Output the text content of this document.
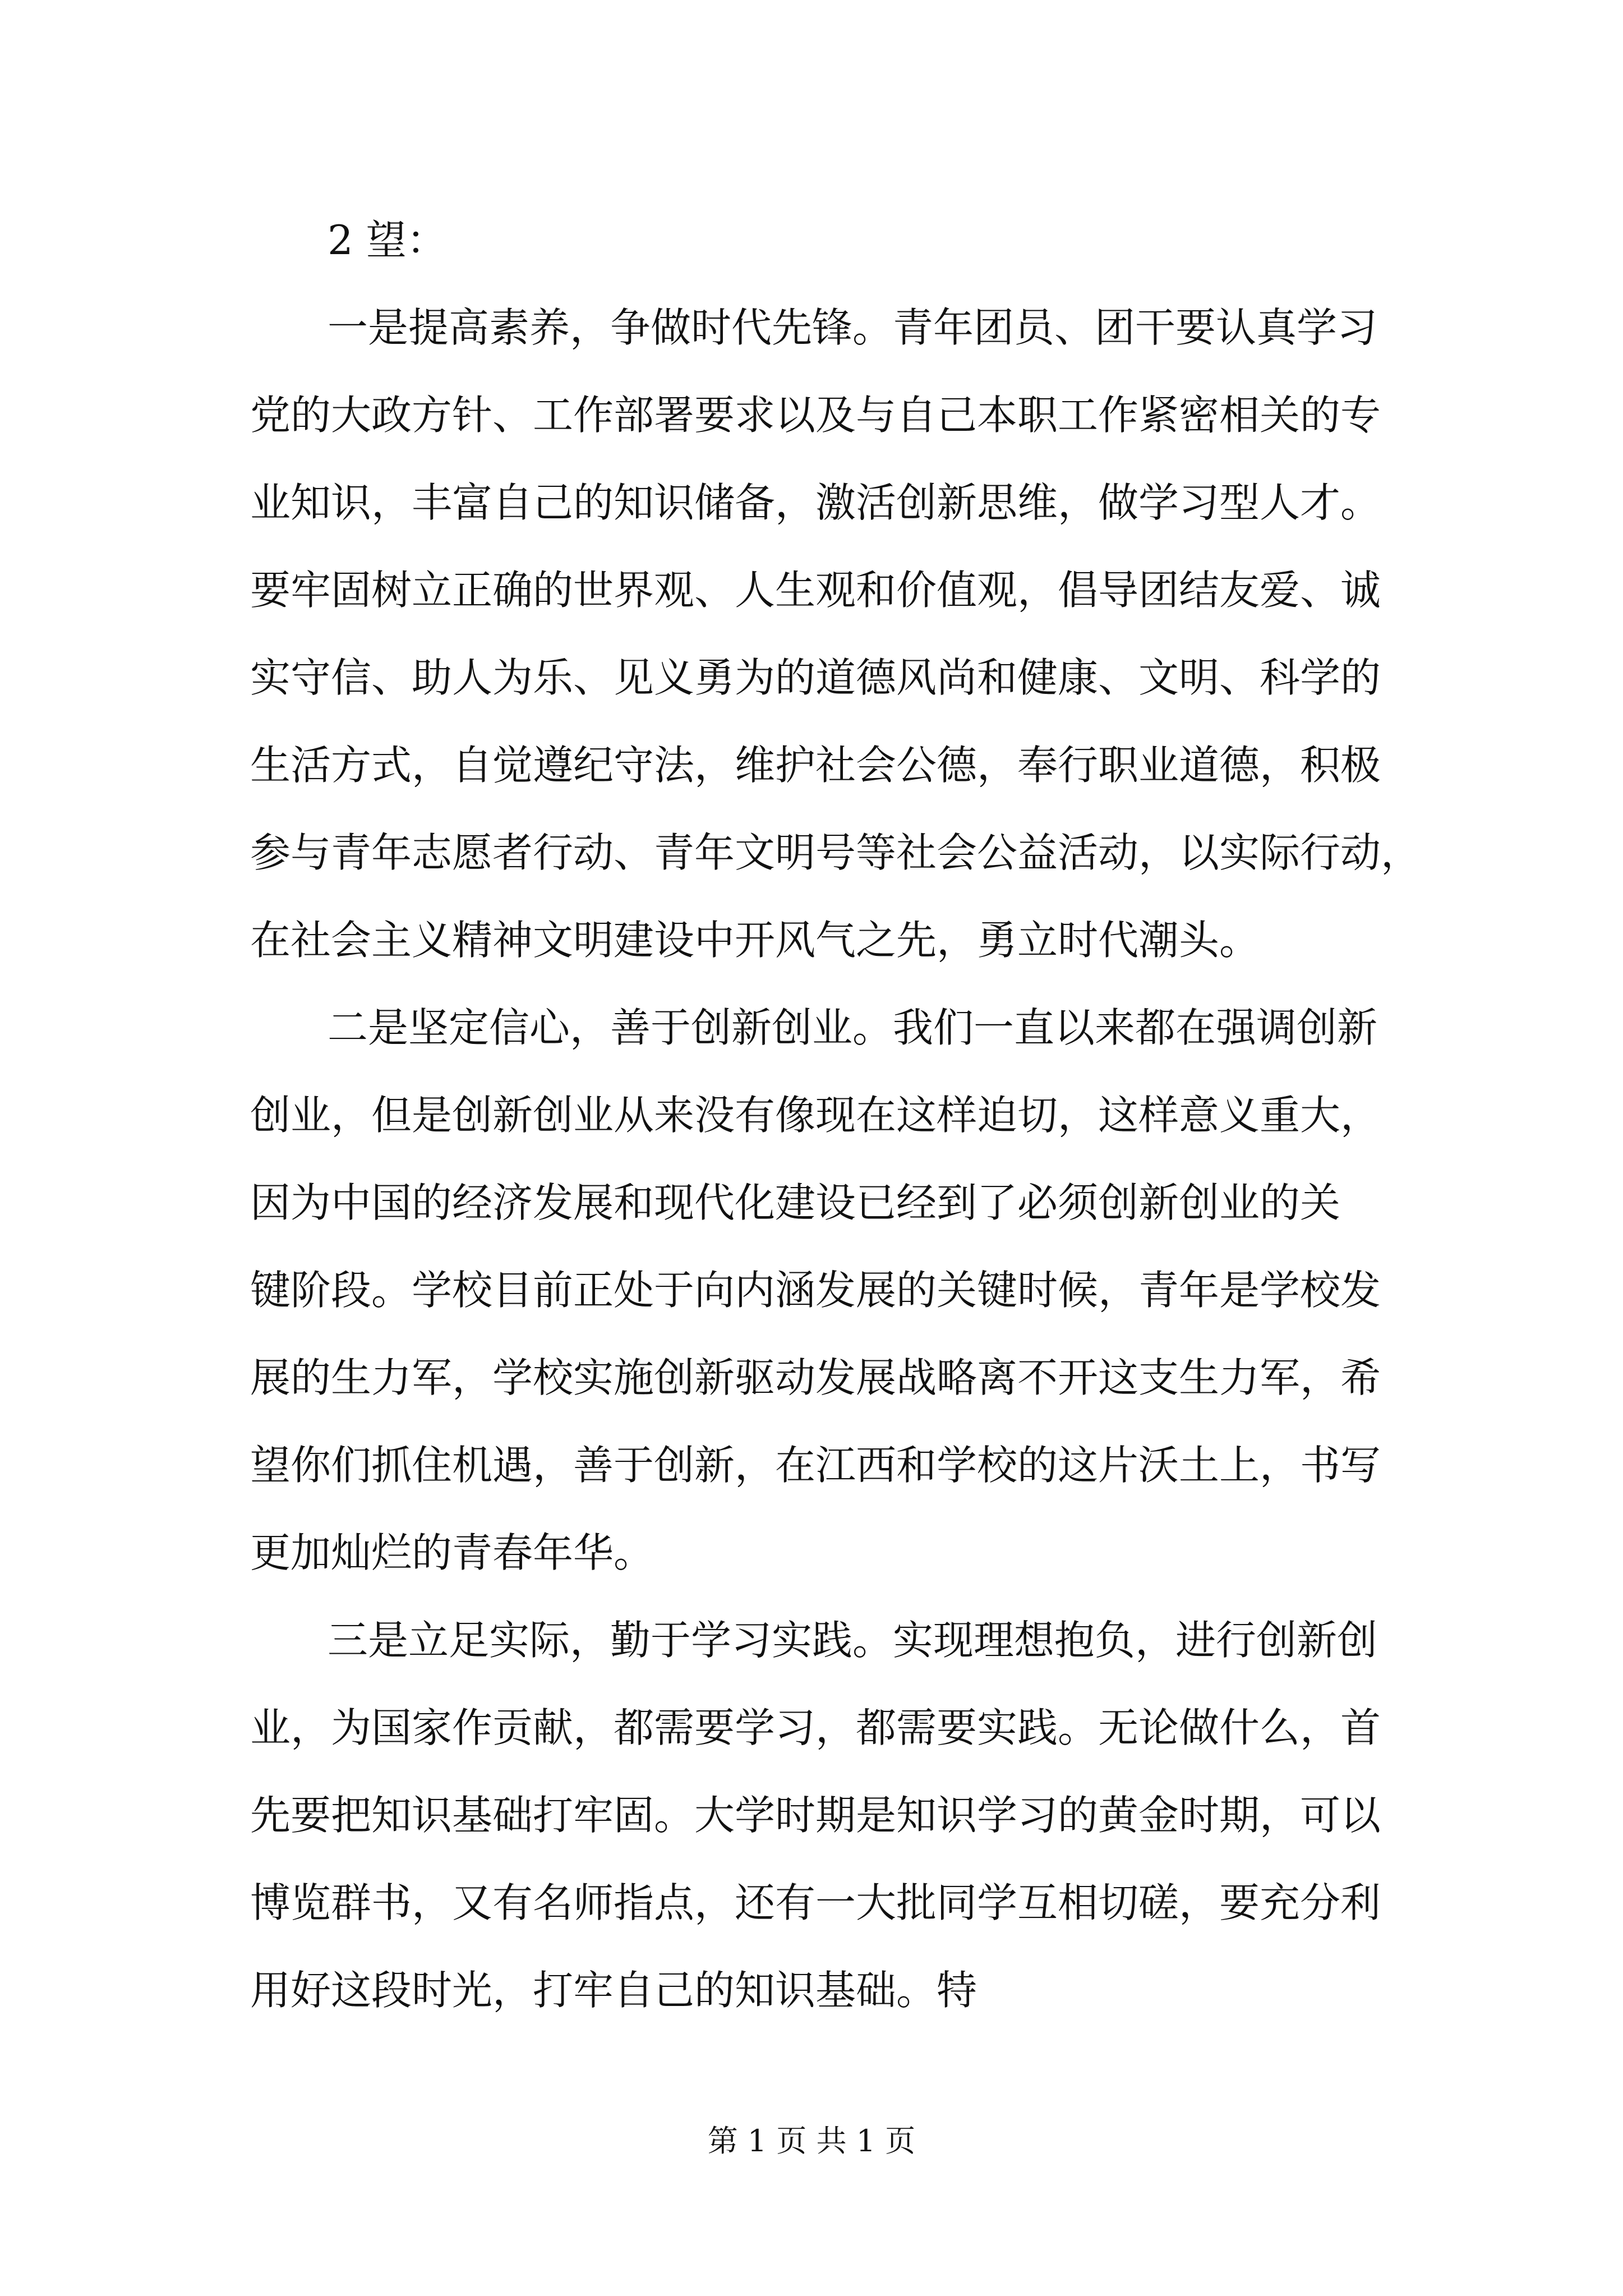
2 望：
一是提高素养，争做时代先锋。青年团员、团干要认真学习
党的大政方针、工作部署要求以及与自己本职工作紧密相关的专
业知识，丰富自己的知识储备，激活创新思维，做学习型人才。
要牢固树立正确的世界观、人生观和价值观，倡导团结友爱、诚
实守信、助人为乐、见义勇为的道德风尚和健康、文明、科学的
生活方式，自觉遵纪守法，维护社会公德，奉行职业道德，积极
参与青年志愿者行动、青年文明号等社会公益活动，以实际行动，
在社会主义精神文明建设中开风气之先，勇立时代潮头。
二是坚定信心，善于创新创业。我们一直以来都在强调创新
创业，但是创新创业从来没有像现在这样迫切，这样意义重大，
因为中国的经济发展和现代化建设已经到了必须创新创业的关
键阶段。学校目前正处于向内涵发展的关键时候，青年是学校发
展的生力军，学校实施创新驱动发展战略离不开这支生力军，希
望你们抓住机遇，善于创新，在江西和学校的这片沃土上，书写
更加灿烂的青春年华。
三是立足实际，勤于学习实践。实现理想抱负，进行创新创
业，为国家作贡献，都需要学习，都需要实践。无论做什么，首
先要把知识基础打牢固。大学时期是知识学习的黄金时期，可以
博览群书，又有名师指点，还有一大批同学互相切磋，要充分利
用好这段时光，打牢自己的知识基础。特
第 1 页 共 1 页
